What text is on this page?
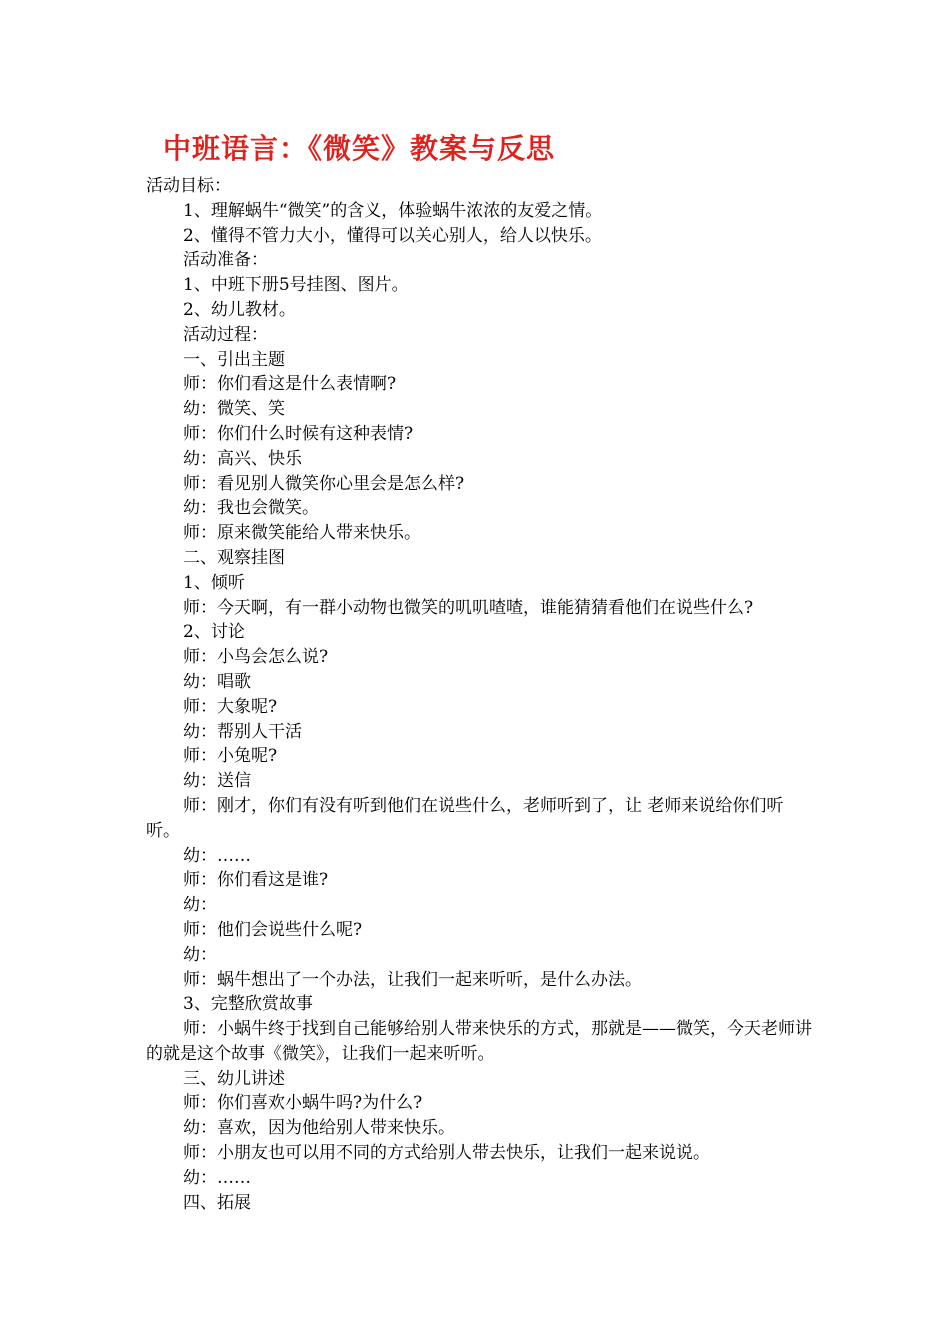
中班语言：《微笑》教案与反思
活动目标：
1、理解蜗牛“微笑”的含义，体验蜗牛浓浓的友爱之情。
2、懂得不管力大小，懂得可以关心别人，给人以快乐。
活动准备：
1、中班下册5号挂图、图片。
2、幼儿教材。
活动过程：
一、引出主题
师：你们看这是什么表情啊?
幼：微笑、笑
师：你们什么时候有这种表情?
幼：高兴、快乐
师：看见别人微笑你心里会是怎么样?
幼：我也会微笑。
师：原来微笑能给人带来快乐。
二、观察挂图
1、倾听
师：今天啊，有一群小动物也微笑的叽叽喳喳，谁能猜猜看他们在说些什么?
2、讨论
师：小鸟会怎么说?
幼：唱歌
师：大象呢?
幼：帮别人干活
师：小兔呢?
幼：送信
师：刚才，你们有没有听到他们在说些什么，老师听到了，让 老师来说给你们听听。
幼：……
师：你们看这是谁?
幼：
师：他们会说些什么呢?
幼：
师：蜗牛想出了一个办法，让我们一起来听听，是什么办法。
3、完整欣赏故事
师：小蜗牛终于找到自己能够给别人带来快乐的方式，那就是——微笑，今天老师讲的就是这个故事《微笑》，让我们一起来听听。
三、幼儿讲述
师：你们喜欢小蜗牛吗?为什么?
幼：喜欢，因为他给别人带来快乐。
师：小朋友也可以用不同的方式给别人带去快乐，让我们一起来说说。
幼：……
四、拓展
